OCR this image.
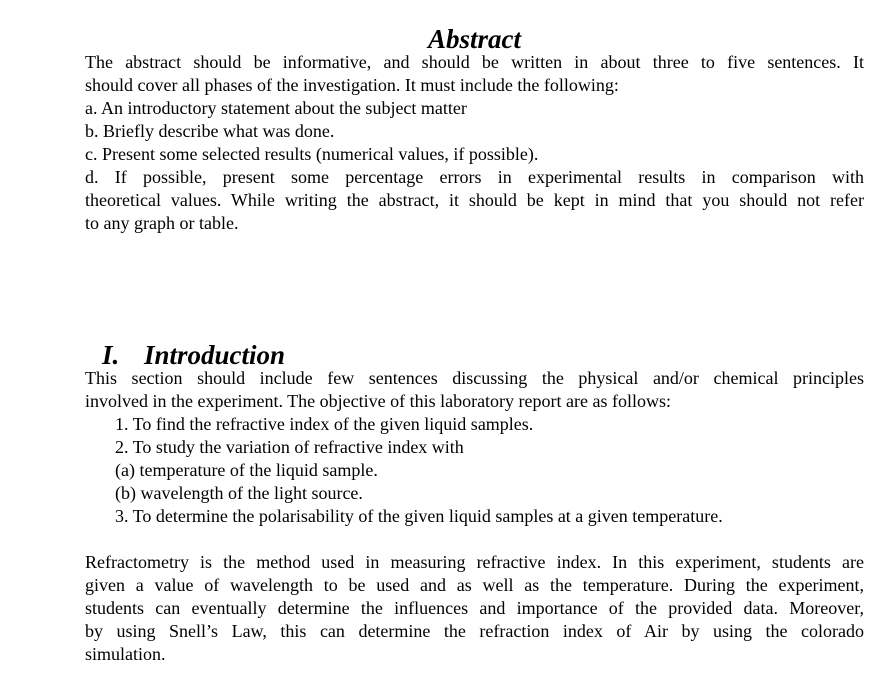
Abstract
The abstract should be informative, and should be written in about three to five sentences. It
should cover all phases of the investigation. It must include the following:
a. An introductory statement about the subject matter
b. Briefly describe what was done.
c. Present some selected results (numerical values, if possible).
d. If possible, present some percentage errors in experimental results in comparison with
theoretical values. While writing the abstract, it should be kept in mind that you should not refer
to any graph or table.
I. Introduction
This section should include few sentences discussing the physical and/or chemical principles
involved in the experiment. The objective of this laboratory report are as follows:
1. To find the refractive index of the given liquid samples.
2. To study the variation of refractive index with
(a) temperature of the liquid sample.
(b) wavelength of the light source.
3. To determine the polarisability of the given liquid samples at a given temperature.
Refractometry is the method used in measuring refractive index. In this experiment, students are
given a value of wavelength to be used and as well as the temperature. During the experiment,
students can eventually determine the influences and importance of the provided data. Moreover,
by using Snell’s Law, this can determine the refraction index of Air by using the colorado
simulation.
